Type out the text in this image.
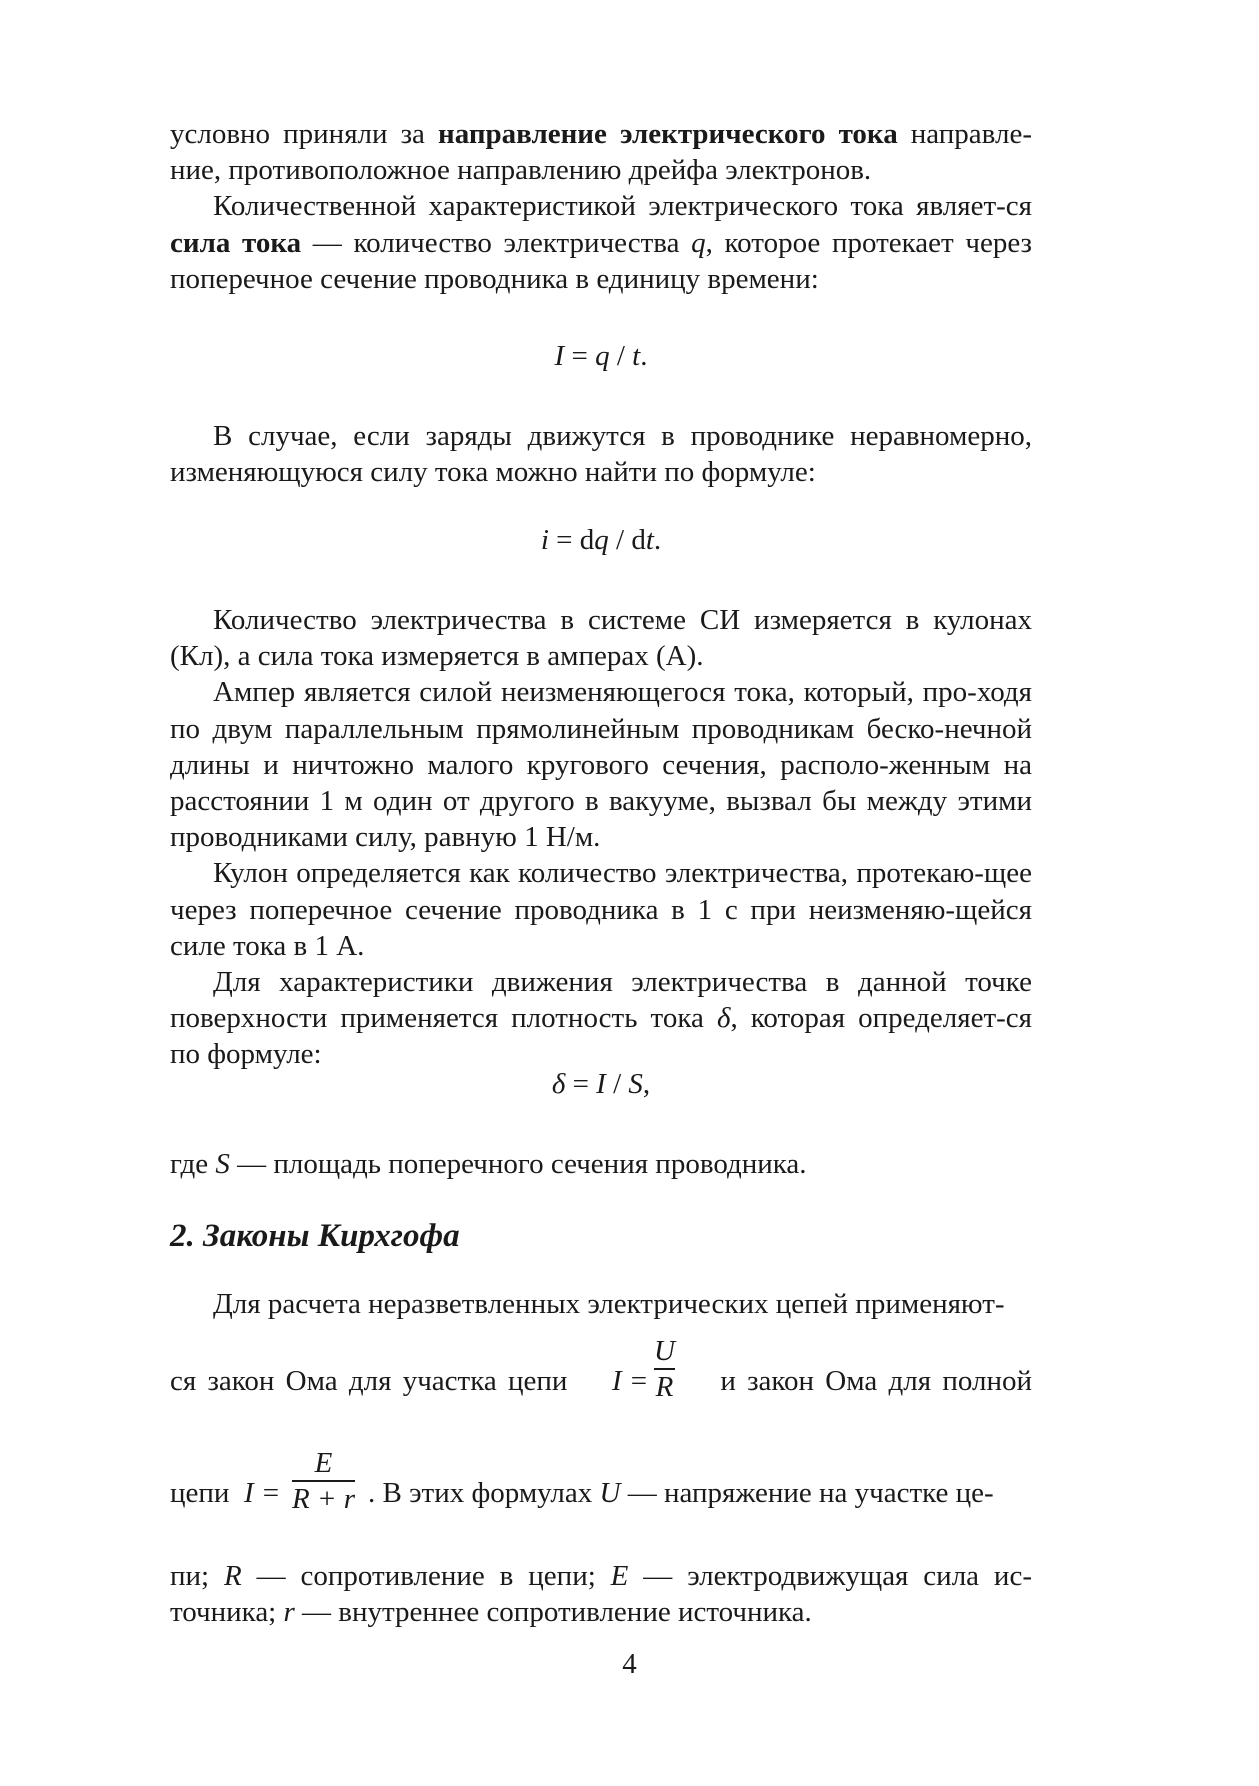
условно приняли за направление электрического тока направле-ние, противоположное направлению дрейфа электронов.

Количественной характеристикой электрического тока являет-ся сила тока — количество электричества q, которое протекает через поперечное сечение проводника в единицу времени:

I = q / t.

В случае, если заряды движутся в проводнике неравномерно, изменяющуюся силу тока можно найти по формуле:

i = dq / dt.

Количество электричества в системе СИ измеряется в кулонах (Кл), а сила тока измеряется в амперах (А).

Ампер является силой неизменяющегося тока, который, про-ходя по двум параллельным прямолинейным проводникам беско-нечной длины и ничтожно малого кругового сечения, располо-женным на расстоянии 1 м один от другого в вакууме, вызвал бы между этими проводниками силу, равную 1 Н/м.

Кулон определяется как количество электричества, протекаю-щее через поперечное сечение проводника в 1 с при неизменяю-щейся силе тока в 1 А.

Для характеристики движения электричества в данной точке поверхности применяется плотность тока δ, которая определяет-ся по формуле:

δ = I / S,

где S — площадь поперечного сечения проводника.

2. Законы Кирхгофа

Для расчета неразветвленных электрических цепей применяют-

ся закон Ома для участка цепи	и закон Ома для полной
I =
U
R
цепи	. В этих формулах U — напряжение на участке це-
I =
E
R + r

пи; R — сопротивление в цепи; E — электродвижущая сила ис-точника; r — внутреннее сопротивление источника.

4
